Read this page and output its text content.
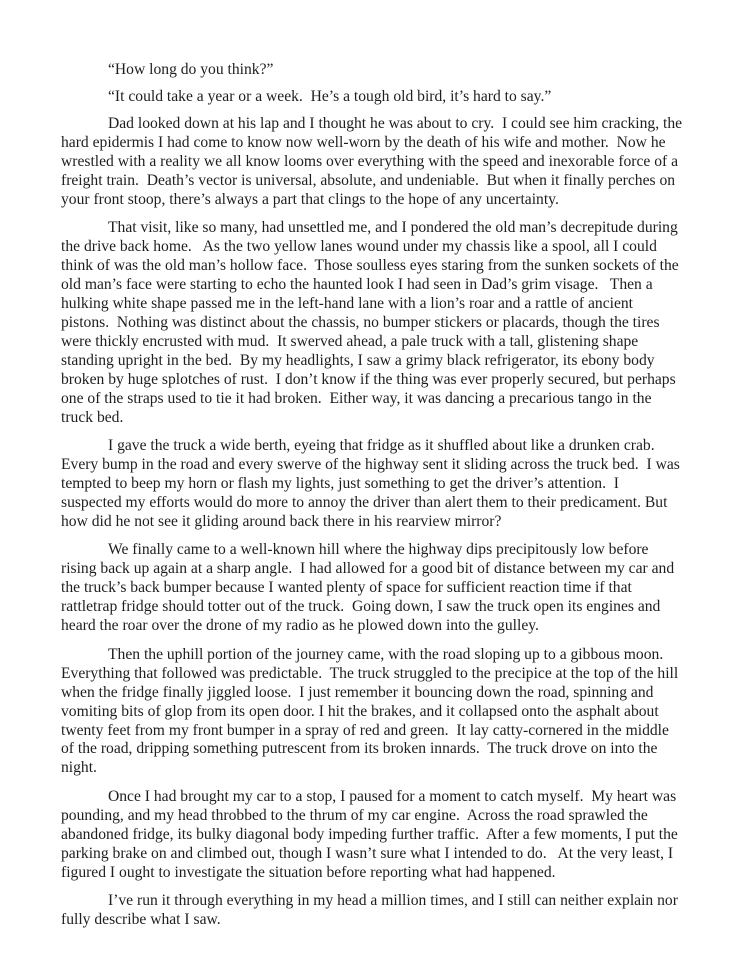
“How long do you think?”

“It could take a year or a week.  He’s a tough old bird, it’s hard to say.”

Dad looked down at his lap and I thought he was about to cry.  I could see him cracking, the hard epidermis I had come to know now well-worn by the death of his wife and mother.  Now he wrestled with a reality we all know looms over everything with the speed and inexorable force of a freight train.  Death’s vector is universal, absolute, and undeniable.  But when it finally perches on your front stoop, there’s always a part that clings to the hope of any uncertainty.

That visit, like so many, had unsettled me, and I pondered the old man’s decrepitude during the drive back home.   As the two yellow lanes wound under my chassis like a spool, all I could think of was the old man’s hollow face.  Those soulless eyes staring from the sunken sockets of the old man’s face were starting to echo the haunted look I had seen in Dad’s grim visage.   Then a hulking white shape passed me in the left-hand lane with a lion’s roar and a rattle of ancient pistons.  Nothing was distinct about the chassis, no bumper stickers or placards, though the tires were thickly encrusted with mud.  It swerved ahead, a pale truck with a tall, glistening shape standing upright in the bed.  By my headlights, I saw a grimy black refrigerator, its ebony body broken by huge splotches of rust.  I don’t know if the thing was ever properly secured, but perhaps one of the straps used to tie it had broken.  Either way, it was dancing a precarious tango in the truck bed.

I gave the truck a wide berth, eyeing that fridge as it shuffled about like a drunken crab.  Every bump in the road and every swerve of the highway sent it sliding across the truck bed.  I was tempted to beep my horn or flash my lights, just something to get the driver’s attention.  I suspected my efforts would do more to annoy the driver than alert them to their predicament. But how did he not see it gliding around back there in his rearview mirror?

We finally came to a well-known hill where the highway dips precipitously low before rising back up again at a sharp angle.  I had allowed for a good bit of distance between my car and the truck’s back bumper because I wanted plenty of space for sufficient reaction time if that rattletrap fridge should totter out of the truck.  Going down, I saw the truck open its engines and heard the roar over the drone of my radio as he plowed down into the gulley.

Then the uphill portion of the journey came, with the road sloping up to a gibbous moon.  Everything that followed was predictable.  The truck struggled to the precipice at the top of the hill when the fridge finally jiggled loose.  I just remember it bouncing down the road, spinning and vomiting bits of glop from its open door. I hit the brakes, and it collapsed onto the asphalt about twenty feet from my front bumper in a spray of red and green.  It lay catty-cornered in the middle of the road, dripping something putrescent from its broken innards.  The truck drove on into the night.

Once I had brought my car to a stop, I paused for a moment to catch myself.  My heart was pounding, and my head throbbed to the thrum of my car engine.  Across the road sprawled the abandoned fridge, its bulky diagonal body impeding further traffic.  After a few moments, I put the parking brake on and climbed out, though I wasn’t sure what I intended to do.   At the very least, I figured I ought to investigate the situation before reporting what had happened.

I’ve run it through everything in my head a million times, and I still can neither explain nor fully describe what I saw.
